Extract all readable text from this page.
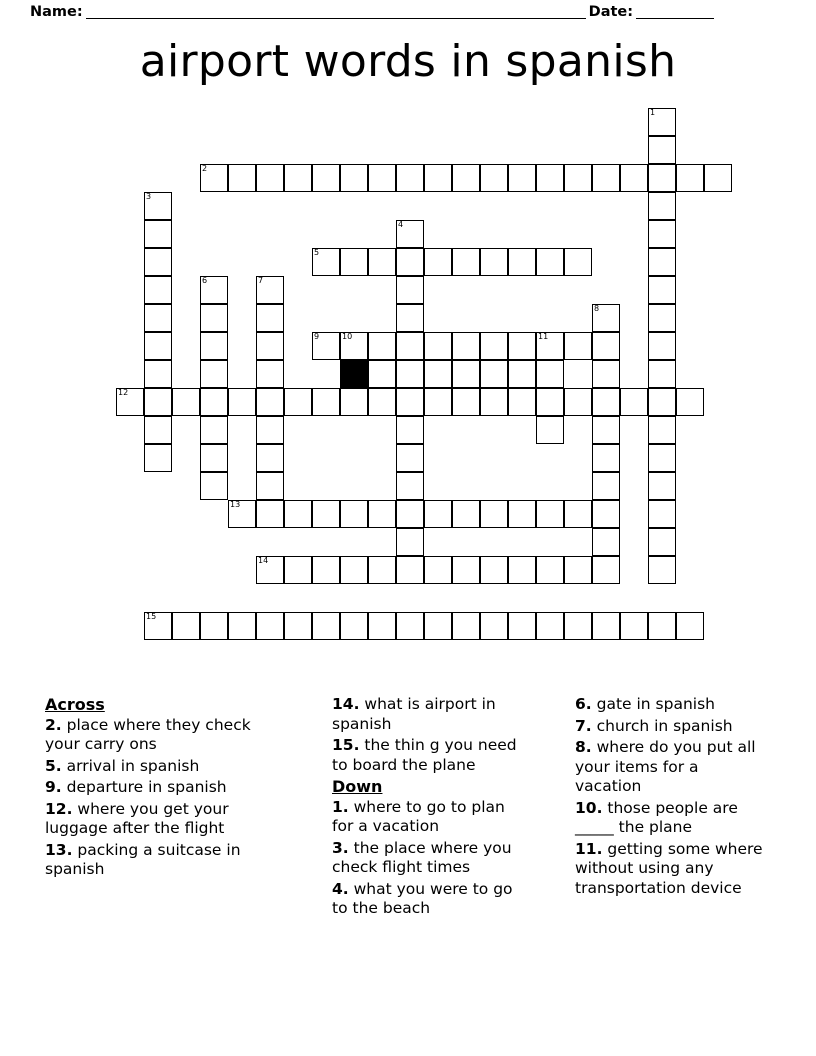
Name:	Date:
airport words in spanish
1
2
3
4
5
6	7
8
9	10	11
12
13
14
15
Across
2. place where they check your carry ons
5. arrival in spanish
9. departure in spanish
12. where you get your luggage after the flight
13. packing a suitcase in spanish
14. what is airport in spanish
15. the thin g you need to board the plane
Down
1. where to go to plan for a vacation
3. the place where you check flight times
4. what you were to go to the beach
6. gate in spanish
7. church in spanish
8. where do you put all your items for a vacation
10. those people are _____ the plane
11. getting some where without using any transportation device
